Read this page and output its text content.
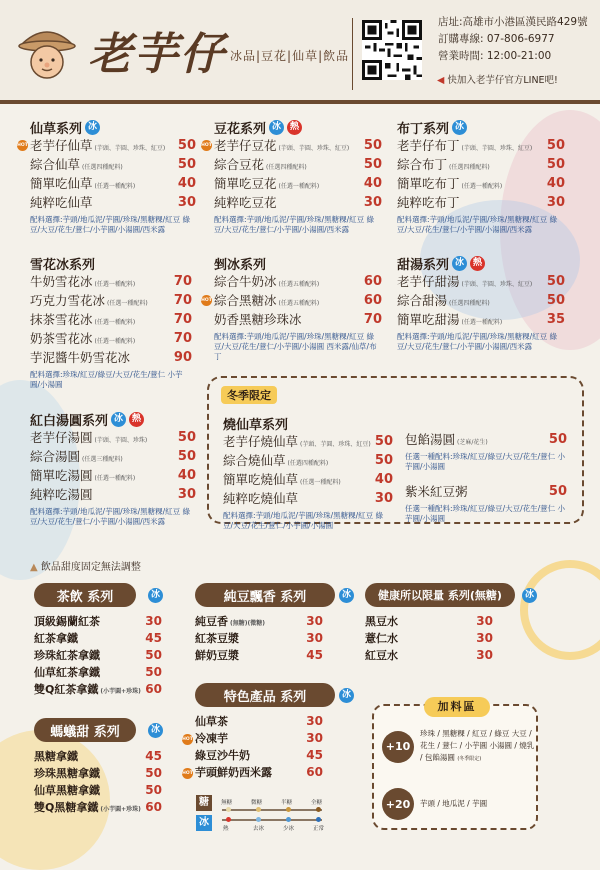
老芋仔 冰品|豆花|仙草|飲品
店址:高雄市小港區漢民路429號
訂購專線: 07-806-6977
營業時間: 12:00-21:00
◀ 快加入老芋仔官方LINE吧!
仙草系列 冰
老芋仔仙草 (芋頭、芋圓、珍珠、紅豆) 50
HOT
綜合仙草 (任選四種配料)	50
簡單吃仙草 (任選一種配料)	40
純粹吃仙草	30
配料選擇:芋頭/地瓜泥/芋圓/珍珠/黑糖粿/紅豆 綠豆/大豆/花生/薏仁/小芋圓/小湯圓/西米露
豆花系列 冰 熱
老芋仔豆花 (芋頭、芋圓、珍珠、紅豆) 50
HOT
綜合豆花 (任選四種配料)	50
簡單吃豆花 (任選一種配料)	40
純粹吃豆花	30
配料選擇:芋頭/地瓜泥/芋圓/珍珠/黑糖粿/紅豆 綠豆/大豆/花生/薏仁/小芋圓/小湯圓/西米露
布丁系列 冰
老芋仔布丁 (芋頭、芋圓、珍珠、紅豆) 50
綜合布丁 (任選四種配料)	50
簡單吃布丁 (任選一種配料)	40
純粹吃布丁	30
配料選擇:芋頭/地瓜泥/芋圓/珍珠/黑糖粿/紅豆 綠豆/大豆/花生/薏仁/小芋圓/小湯圓/西米露
雪花冰系列
牛奶雪花冰 (任選一種配料)	70
巧克力雪花冰 (任選一種配料) 70
抹茶雪花冰 (任選一種配料)	70
奶茶雪花冰 (任選一種配料)	70
芋泥醬牛奶雪花冰	90
配料選擇:珍珠/紅豆/綠豆/大豆/花生/薏仁 小芋圓/小湯圓
剉冰系列
綜合牛奶冰 (任選五種配料)	60
綜合黑糖冰 (任選五種配料)	60
HOT
奶香黑糖珍珠冰	70
配料選擇:芋頭/地瓜泥/芋圓/珍珠/黑糖粿/紅豆 綠豆/大豆/花生/薏仁/小芋圓/小湯圓 西米露/仙草/布丁
甜湯系列 冰 熱
老芋仔甜湯 (芋頭、芋圓、珍珠、紅豆) 50
綜合甜湯 (任選四種配料)	50
簡單吃甜湯 (任選一種配料)	35
配料選擇:芋頭/地瓜泥/芋圓/珍珠/黑糖粿/紅豆 綠豆/大豆/花生/薏仁/小芋圓/小湯圓/西米露
紅白湯圓系列 冰 熱
老芋仔湯圓 (芋頭、芋圓、珍珠) 50
綜合湯圓 (任選三種配料)	50
簡單吃湯圓 (任選一種配料)	40
純粹吃湯圓	30
配料選擇:芋頭/地瓜泥/芋圓/珍珠/黑糖粿/紅豆 綠豆/大豆/花生/薏仁/小芋圓/小湯圓/西米露
冬季限定
燒仙草系列
老芋仔燒仙草 (芋頭、芋圓、珍珠、紅豆) 50
綜合燒仙草 (任選四種配料)	50
簡單吃燒仙草 (任選一種配料)	40
純粹吃燒仙草	30
配料選擇:芋頭/地瓜泥/芋圓/珍珠/黑糖粿/紅豆 綠豆/大豆/花生/薏仁/小芋圓/小湯圓
包餡湯圓 (芝麻/花生)	50
任選一種配料:珍珠/紅豆/綠豆/大豆/花生/薏仁 小芋圓/小湯圓
紫米紅豆粥	50
任選一種配料:珍珠/紅豆/綠豆/大豆/花生/薏仁 小芋圓/小湯圓
▲ 飲品甜度固定無法調整
茶飲 系列	冰
頂級錫蘭紅茶	30
紅茶拿鐵	45
珍珠紅茶拿鐵	50
仙草紅茶拿鐵	50
雙Q紅茶拿鐵 (小芋圓+珍珠) 60
螞蟻甜 系列	冰
黑糖拿鐵	45
珍珠黑糖拿鐵	50
仙草黑糖拿鐵	50
雙Q黑糖拿鐵 (小芋圓+珍珠) 60
純豆飄香 系列	冰
純豆香 (無糖)(微糖)	30
紅茶豆漿	30
鮮奶豆漿	45
特色產品 系列	冰
仙草茶	30
冷凍芋	30
HOT
綠豆沙牛奶	45
芋頭鮮奶西米露	60
HOT
健康所以限量 系列(無糖)	冰
黑豆水	30
薏仁水	30
紅豆水	30
加料區
+10
珍珠 / 黑糖粿 / 紅豆 / 綠豆 大豆 / 花生 / 薏仁 / 小芋圓 小湯圓 / 燒乳 / 包餡湯圓 (冬季限定)
+20	芋頭 / 地瓜泥 / 芋圓
糖
冰
無糖	微糖	半糖	全糖
熱	去冰	少冰	正常
